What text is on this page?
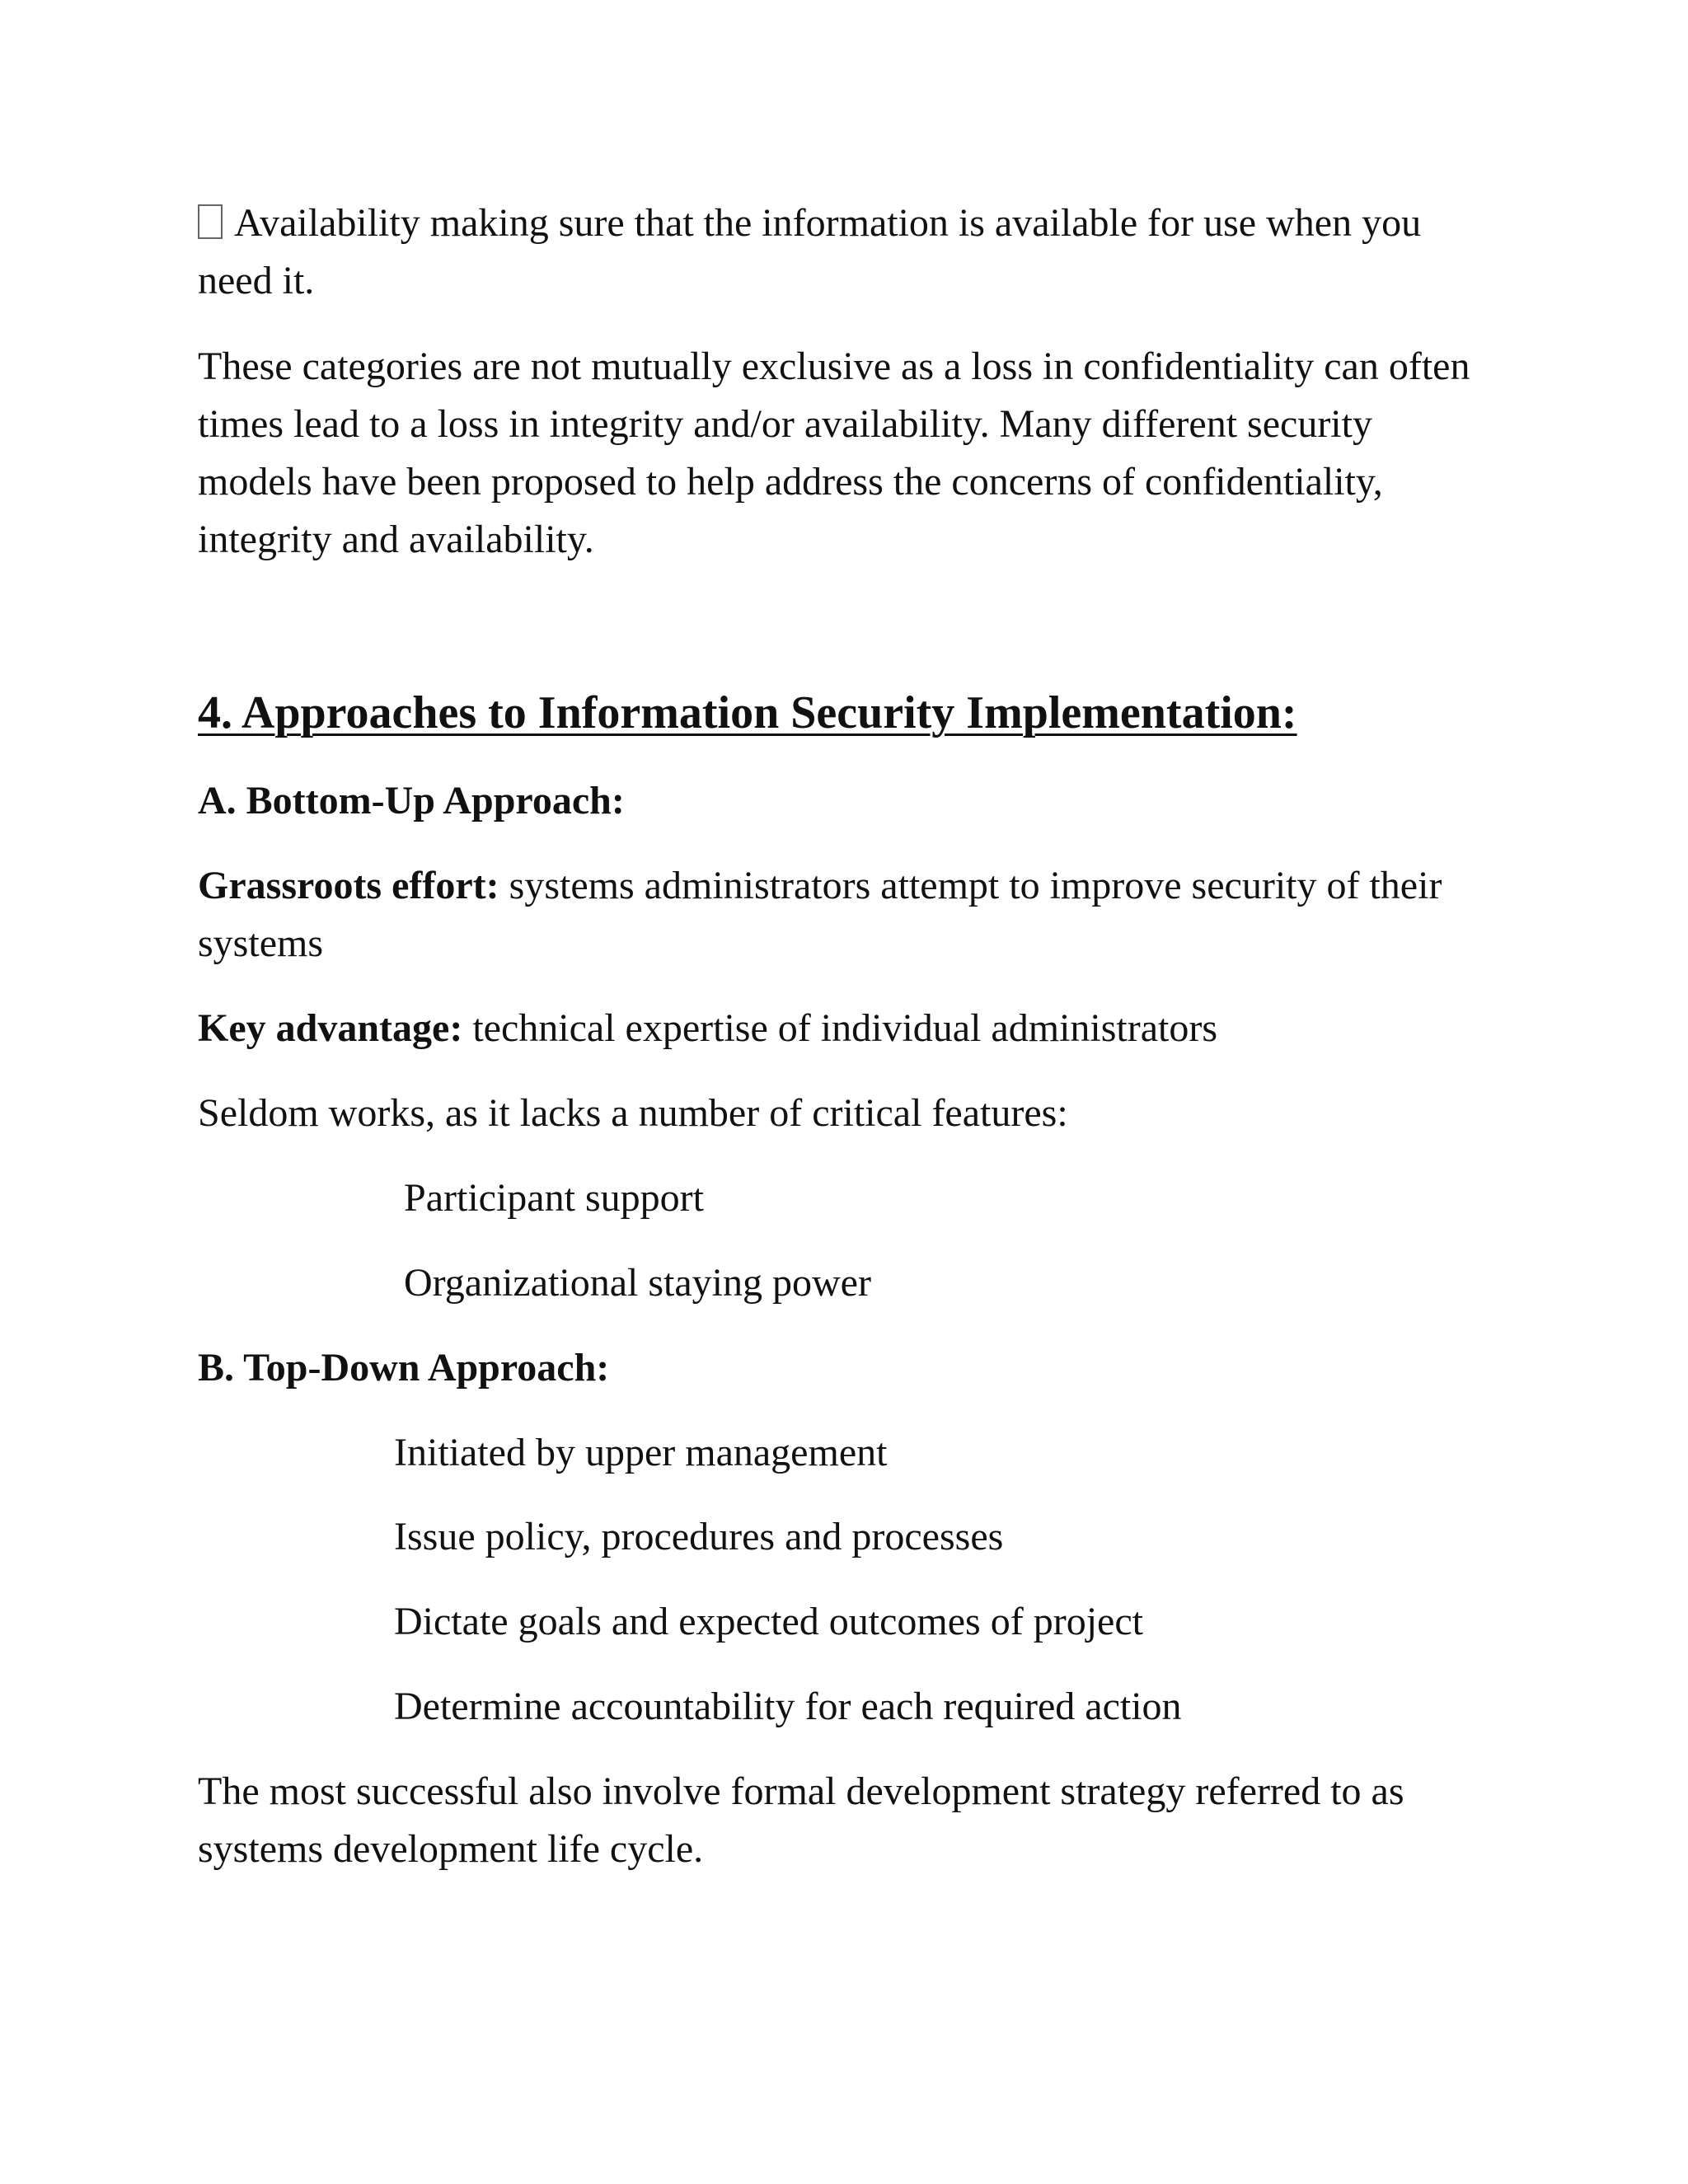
Availability making sure that the information is available for use when you need it.
These categories are not mutually exclusive as a loss in confidentiality can often times lead to a loss in integrity and/or availability. Many different security models have been proposed to help address the concerns of confidentiality, integrity and availability.
4. Approaches to Information Security Implementation:
A. Bottom-Up Approach:
Grassroots effort: systems administrators attempt to improve security of their systems
Key advantage: technical expertise of individual administrators
Seldom works, as it lacks a number of critical features:
Participant support
Organizational staying power
B. Top-Down Approach:
Initiated by upper management
Issue policy, procedures and processes
Dictate goals and expected outcomes of project
Determine accountability for each required action
The most successful also involve formal development strategy referred to as systems development life cycle.
